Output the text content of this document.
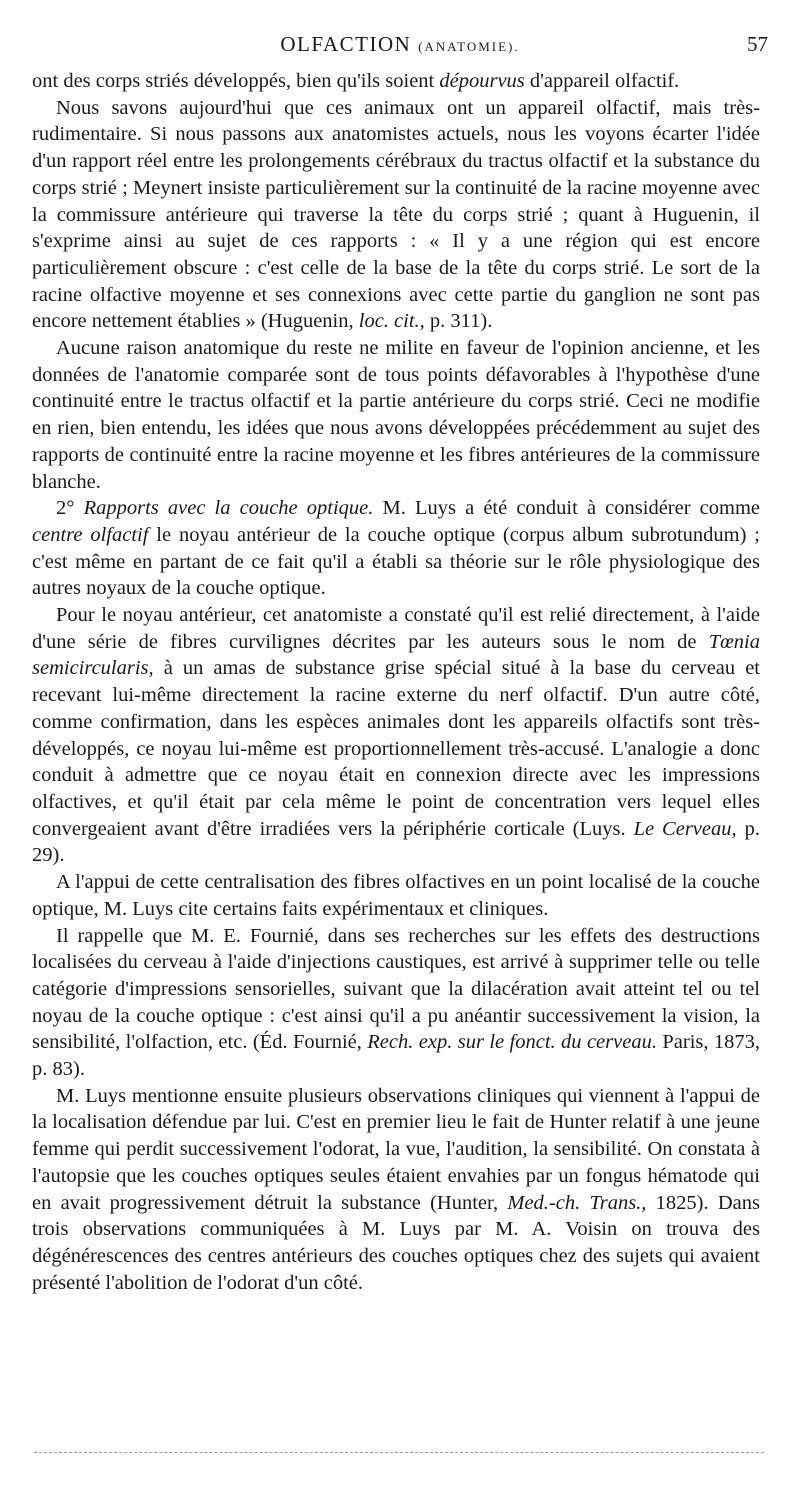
OLFACTION (ANATOMIE).	57

ont des corps striés développés, bien qu'ils soient dépourvus d'appareil olfactif.

Nous savons aujourd'hui que ces animaux ont un appareil olfactif, mais très-rudimentaire. Si nous passons aux anatomistes actuels, nous les voyons écarter l'idée d'un rapport réel entre les prolongements cérébraux du tractus olfactif et la substance du corps strié ; Meynert insiste particulièrement sur la continuité de la racine moyenne avec la commissure antérieure qui traverse la tête du corps strié ; quant à Huguenin, il s'exprime ainsi au sujet de ces rapports : « Il y a une région qui est encore particulièrement obscure : c'est celle de la base de la tête du corps strié. Le sort de la racine olfactive moyenne et ses connexions avec cette partie du ganglion ne sont pas encore nettement établies » (Huguenin, loc. cit., p. 311).

Aucune raison anatomique du reste ne milite en faveur de l'opinion ancienne, et les données de l'anatomie comparée sont de tous points défavorables à l'hypothèse d'une continuité entre le tractus olfactif et la partie antérieure du corps strié. Ceci ne modifie en rien, bien entendu, les idées que nous avons développées précédemment au sujet des rapports de continuité entre la racine moyenne et les fibres antérieures de la commissure blanche.

2° Rapports avec la couche optique. M. Luys a été conduit à considérer comme centre olfactif le noyau antérieur de la couche optique (corpus album subrotundum) ; c'est même en partant de ce fait qu'il a établi sa théorie sur le rôle physiologique des autres noyaux de la couche optique.

Pour le noyau antérieur, cet anatomiste a constaté qu'il est relié directement, à l'aide d'une série de fibres curvilignes décrites par les auteurs sous le nom de Tœnia semicircularis, à un amas de substance grise spécial situé à la base du cerveau et recevant lui-même directement la racine externe du nerf olfactif. D'un autre côté, comme confirmation, dans les espèces animales dont les appareils olfactifs sont très-développés, ce noyau lui-même est proportionnellement très-accusé. L'analogie a donc conduit à admettre que ce noyau était en connexion directe avec les impressions olfactives, et qu'il était par cela même le point de concentration vers lequel elles convergeaient avant d'être irradiées vers la périphérie corticale (Luys. Le Cerveau, p. 29).

A l'appui de cette centralisation des fibres olfactives en un point localisé de la couche optique, M. Luys cite certains faits expérimentaux et cliniques.

Il rappelle que M. E. Fournié, dans ses recherches sur les effets des destructions localisées du cerveau à l'aide d'injections caustiques, est arrivé à supprimer telle ou telle catégorie d'impressions sensorielles, suivant que la dilacération avait atteint tel ou tel noyau de la couche optique : c'est ainsi qu'il a pu anéantir successivement la vision, la sensibilité, l'olfaction, etc. (Éd. Fournié, Rech. exp. sur le fonct. du cerveau. Paris, 1873, p. 83).

M. Luys mentionne ensuite plusieurs observations cliniques qui viennent à l'appui de la localisation défendue par lui. C'est en premier lieu le fait de Hunter relatif à une jeune femme qui perdit successivement l'odorat, la vue, l'audition, la sensibilité. On constata à l'autopsie que les couches optiques seules étaient envahies par un fongus hématode qui en avait progressivement détruit la substance (Hunter, Med.-ch. Trans., 1825). Dans trois observations communiquées à M. Luys par M. A. Voisin on trouva des dégénérescences des centres antérieurs des couches optiques chez des sujets qui avaient présenté l'abolition de l'odorat d'un côté.
